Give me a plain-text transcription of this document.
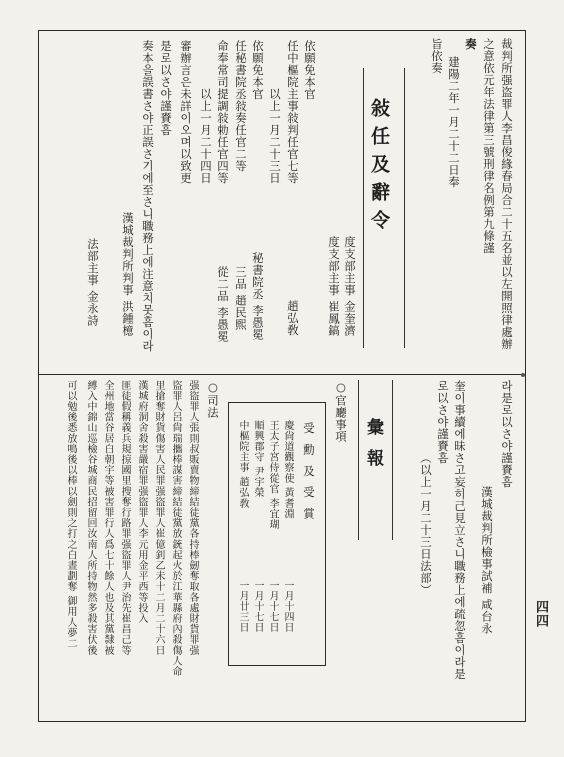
四四
裁判所强盗罪人李昌俊緣春局合二十五名並以左開照律處辦
之意依元年法律第三號刑律名例第九條謹
奏
建陽二年一月二十二日奉
旨依奏
敍任及辭令
度支部主事 金奎濟
度支部主事 崔鳳鎬
依願免本官
任中樞院主事敍判任官七等
以上一月二十三日
依願免本官
任秘書院丞敍奏任官二等
命奉常司提調敍勅任官四等
以上一月二十四日
趙弘敎
秘書院丞 李愚冕
三品 趙民熙
從二品 李愚冕
審辦言은未詳이오며以致更
是로以さ야謹賚흠
奏本을誤書さ야正誤さ기에至さ니職務上에注意치못흠이라
漢城裁判所判事 洪鍾檍
法部主事 金永詩
라是로以さ야謹賚흠
漢城裁判所檢事試補 咸台永
奎이事續에昧さ고妄히己見立さ니職務上에疏忽흠이라是
로以さ야謹賚흠
（以上一月二十三日法部）
彙報
○官廳事項
受勳及受賞
慶尙道觀察使 黃耆淵
一月十四日
王太子宮侍從官 李宜瑚
一月十七日
順興郡守 尹宇榮
一月十七日
中樞院主事 趙弘敎
一月廿三日
○司法
强盜罪人張則叔販賣物締結徒黨各持棒劒奪取各處財貨罪强
盜罪人呂尙瑞攜棒謀害締結徒黨放銃起火於江華縣府內殺傷人命
里搶奪財貨傷害人民罪强盜罪人崔億釗乙未十二月二十六日
漢城府洞舍殺害嚴宿罪强盜罪人李元用金平西等投入
匪徒假稱義兵規掠國里搜奪行路罪强盜罪人尹治先崔昌己等
全州地當谷居白朝宇等被害罪行人爲七十餘人也及其黨隸被
縛入中錦山巡檢谷城商民招留回汝南人所持物然多殺害伏後
可以勉後悉放鳴後以棒以劍則之打之白晝劃奪 御用人夢二
